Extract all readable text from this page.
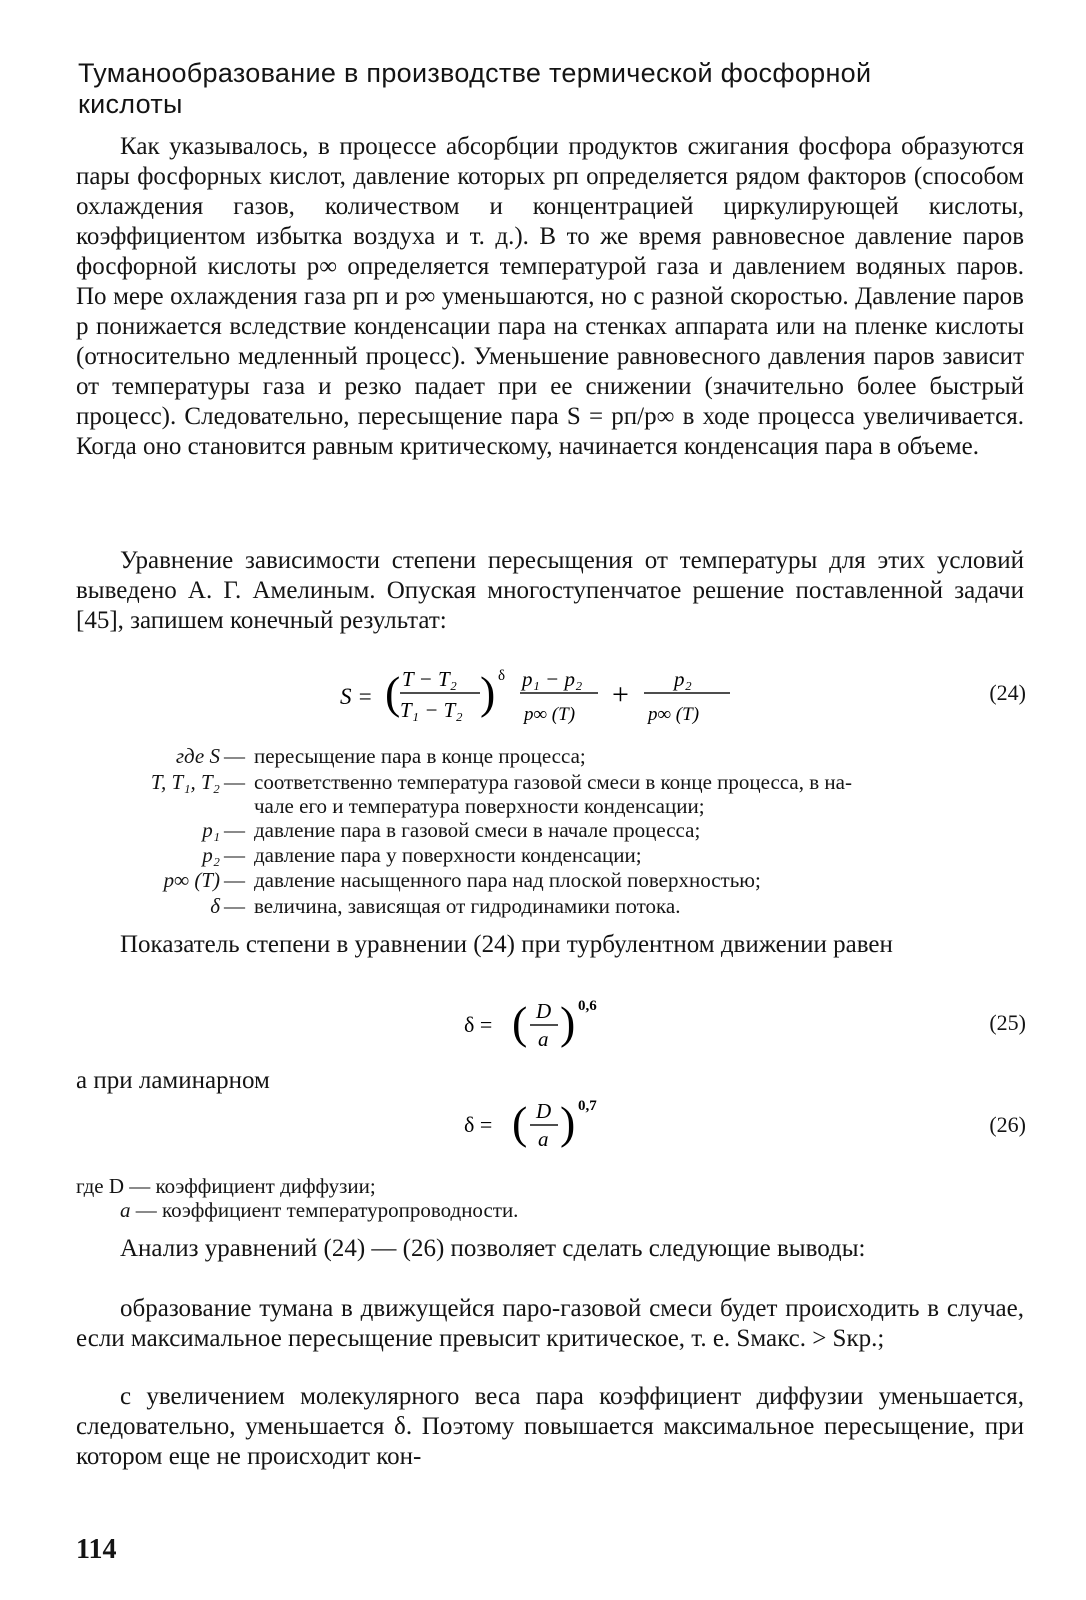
Туманообразование в производстве термической фосфорной кислоты

Как указывалось, в процессе абсорбции продуктов сжигания фосфора образуются пары фосфорных кислот, давление которых pп определяется рядом факторов (способом охлаждения газов, количеством и концентрацией циркулирующей кислоты, коэффициентом избытка воздуха и т. д.). В то же время равновесное давление паров фосфорной кислоты p∞ определяется температурой газа и давлением водяных паров. По мере охлаждения газа pп и p∞ уменьшаются, но с разной скоростью. Давление паров p понижается вследствие конденсации пара на стенках аппарата или на пленке кислоты (относительно медленный процесс). Уменьшение равновесного давления паров зависит от температуры газа и резко падает при ее снижении (значительно более быстрый процесс). Следовательно, пересыщение пара S = pп/p∞ в ходе процесса увеличивается. Когда оно становится равным критическому, начинается конденсация пара в объеме.

Уравнение зависимости степени пересыщения от температуры для этих условий выведено А. Г. Амелиным. Опуская многоступенчатое решение поставленной задачи [45], запишем конечный результат:

S = ( T − T₂
T₁ − T₂ ) δ p₁ − p₂
p∞ (T)
+ p₂
p∞ (T)
(24)
где S — пересыщение пара в конце процесса;
T, T₁, T₂ — соответственно температура газовой смеси в конце процесса, в на-
чале его и температура поверхности конденсации;
p₁ — давление пара в газовой смеси в начале процесса;
p₂ — давление пара у поверхности конденсации;
p∞ (T) — давление насыщенного пара над плоской поверхностью;
δ — величина, зависящая от гидродинамики потока.

Показатель степени в уравнении (24) при турбулентном движении равен

δ = ( D
a ) 0,6
(25)

а при ламинарном

δ = ( D
a ) 0,7
(26)
где D — коэффициент диффузии;
a — коэффициент температуропроводности.

Анализ уравнений (24) — (26) позволяет сделать следующие выводы:

образование тумана в движущейся паро-газовой смеси будет происходить в случае, если максимальное пересыщение превысит критическое, т. е. Sмакс. > Sкр.;

с увеличением молекулярного веса пара коэффициент диффузии уменьшается, следовательно, уменьшается δ. Поэтому повышается максимальное пересыщение, при котором еще не происходит кон-

114
